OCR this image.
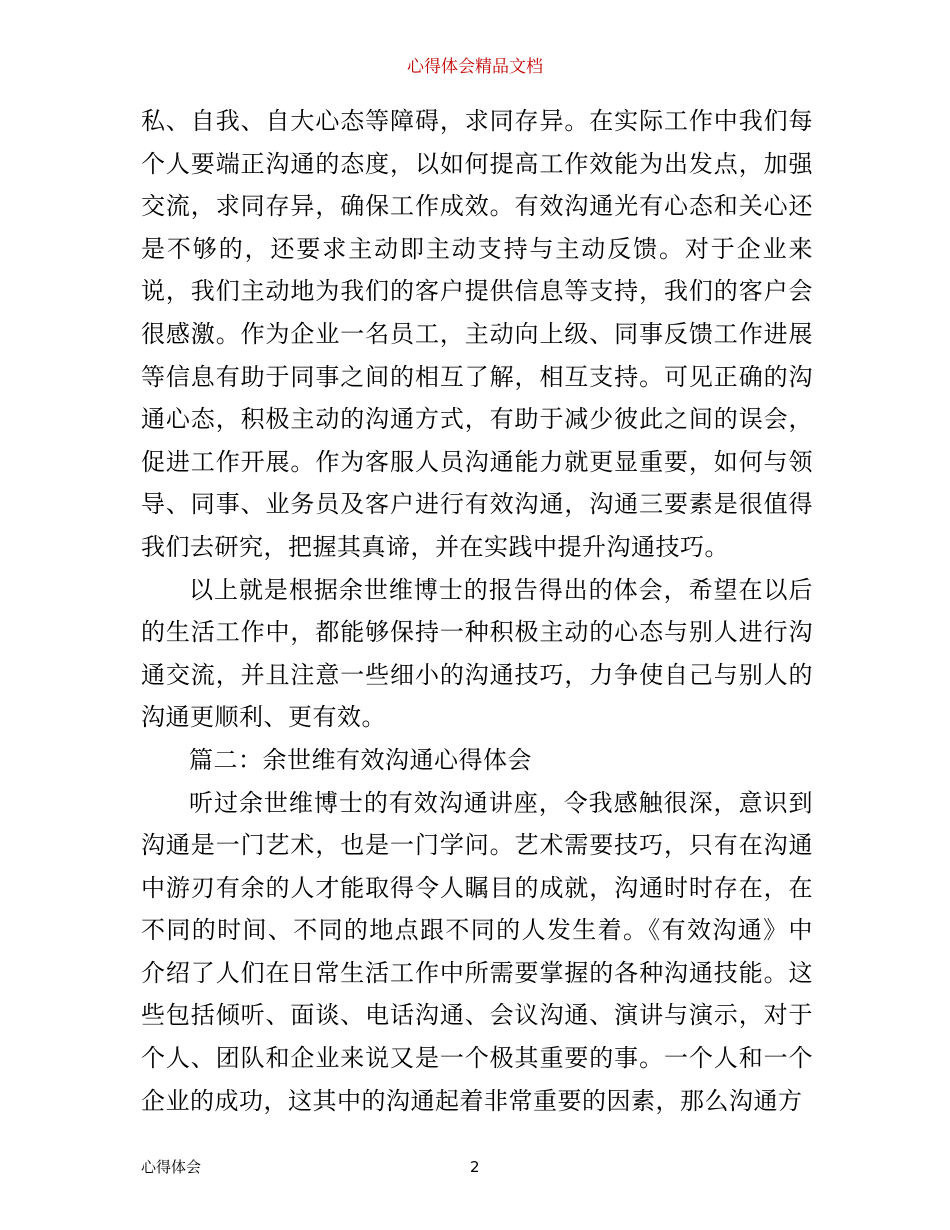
心得体会精品文档

私、自我、自大心态等障碍，求同存异。在实际工作中我们每个人要端正沟通的态度，以如何提高工作效能为出发点，加强交流，求同存异，确保工作成效。有效沟通光有心态和关心还是不够的，还要求主动即主动支持与主动反馈。对于企业来说，我们主动地为我们的客户提供信息等支持，我们的客户会很感激。作为企业一名员工，主动向上级、同事反馈工作进展等信息有助于同事之间的相互了解，相互支持。可见正确的沟通心态，积极主动的沟通方式，有助于减少彼此之间的误会，促进工作开展。作为客服人员沟通能力就更显重要，如何与领导、同事、业务员及客户进行有效沟通，沟通三要素是很值得我们去研究，把握其真谛，并在实践中提升沟通技巧。

以上就是根据余世维博士的报告得出的体会，希望在以后的生活工作中，都能够保持一种积极主动的心态与别人进行沟通交流，并且注意一些细小的沟通技巧，力争使自己与别人的沟通更顺利、更有效。

篇二：余世维有效沟通心得体会

听过余世维博士的有效沟通讲座，令我感触很深，意识到沟通是一门艺术，也是一门学问。艺术需要技巧，只有在沟通中游刃有余的人才能取得令人瞩目的成就，沟通时时存在，在不同的时间、不同的地点跟不同的人发生着。《有效沟通》中介绍了人们在日常生活工作中所需要掌握的各种沟通技能。这些包括倾听、面谈、电话沟通、会议沟通、演讲与演示，对于个人、团队和企业来说又是一个极其重要的事。一个人和一个企业的成功，这其中的沟通起着非常重要的因素，那么沟通方

心得体会	2
